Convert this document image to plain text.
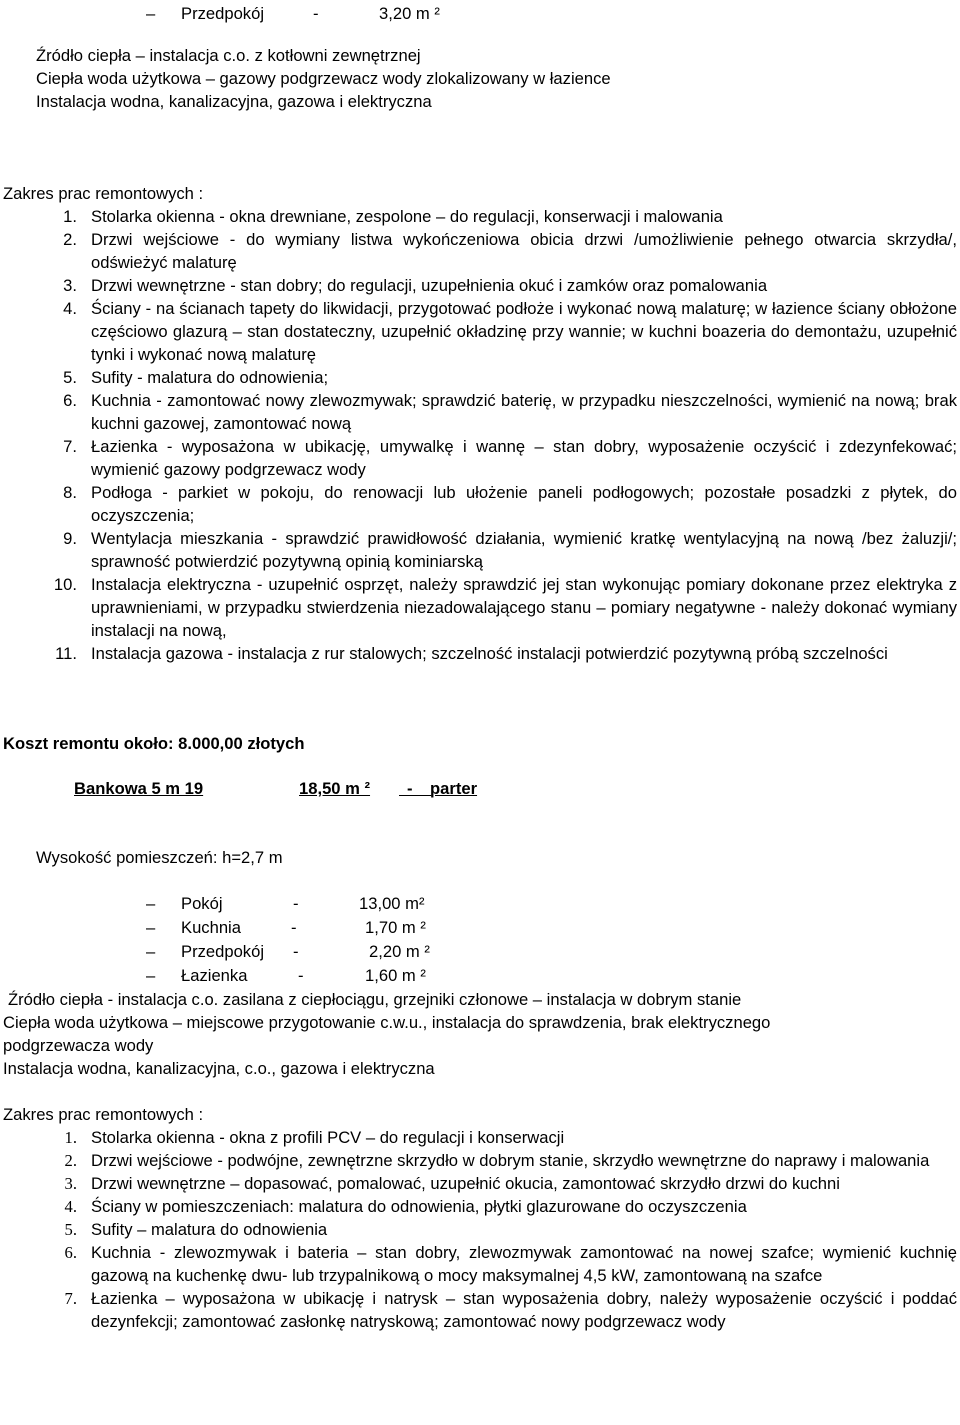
– Przedpokój	-	3,20 m ²
Źródło ciepła – instalacja c.o. z kotłowni zewnętrznej
Ciepła woda użytkowa – gazowy podgrzewacz wody zlokalizowany w łazience
Instalacja wodna, kanalizacyjna, gazowa i elektryczna
Zakres prac remontowych :
1. Stolarka okienna - okna drewniane, zespolone – do regulacji, konserwacji i malowania
2. Drzwi wejściowe - do wymiany listwa wykończeniowa obicia drzwi /umożliwienie pełnego otwarcia skrzydła/, odświeżyć malaturę
3. Drzwi wewnętrzne - stan dobry; do regulacji, uzupełnienia okuć i zamków oraz pomalowania
4. Ściany - na ścianach tapety do likwidacji, przygotować podłoże i wykonać nową malaturę; w łazience ściany obłożone częściowo glazurą – stan dostateczny, uzupełnić okładzinę przy wannie; w kuchni boazeria do demontażu, uzupełnić tynki i wykonać nową malaturę
5. Sufity - malatura do odnowienia;
6. Kuchnia - zamontować nowy zlewozmywak; sprawdzić baterię, w przypadku nieszczelności, wymienić na nową; brak kuchni gazowej, zamontować nową
7. Łazienka - wyposażona w ubikację, umywalkę i wannę – stan dobry, wyposażenie oczyścić i zdezynfekować; wymienić gazowy podgrzewacz wody
8. Podłoga - parkiet w pokoju, do renowacji lub ułożenie paneli podłogowych; pozostałe posadzki z płytek, do oczyszczenia;
9. Wentylacja mieszkania - sprawdzić prawidłowość działania, wymienić kratkę wentylacyjną na nową /bez żaluzji/; sprawność potwierdzić pozytywną opinią kominiarską
10. Instalacja elektryczna - uzupełnić osprzęt, należy sprawdzić jej stan wykonując pomiary dokonane przez elektryka z uprawnieniami, w przypadku stwierdzenia niezadowalającego stanu – pomiary negatywne - należy dokonać wymiany instalacji na nową,
11. Instalacja gazowa - instalacja z rur stalowych; szczelność instalacji potwierdzić pozytywną próbą szczelności
Koszt remontu około: 8.000,00 złotych
Bankowa 5 m 19	18,50 m ²
- parter
Wysokość pomieszczeń: h=2,7 m
– Pokój	-	13,00 m²
– Kuchnia	-	1,70 m ²
– Przedpokój -	2,20 m ²
– Łazienka	-	1,60 m ²
Źródło ciepła - instalacja c.o. zasilana z ciepłociągu, grzejniki członowe – instalacja w dobrym stanie
Ciepła woda użytkowa – miejscowe przygotowanie c.w.u., instalacja do sprawdzenia, brak elektrycznego
podgrzewacza wody
Instalacja wodna, kanalizacyjna, c.o., gazowa i elektryczna
Zakres prac remontowych :
1. Stolarka okienna - okna z profili PCV – do regulacji i konserwacji
2. Drzwi wejściowe - podwójne, zewnętrzne skrzydło w dobrym stanie, skrzydło wewnętrzne do naprawy i malowania
3. Drzwi wewnętrzne – dopasować, pomalować, uzupełnić okucia, zamontować skrzydło drzwi do kuchni
4. Ściany w pomieszczeniach: malatura do odnowienia, płytki glazurowane do oczyszczenia
5. Sufity – malatura do odnowienia
6. Kuchnia - zlewozmywak i bateria – stan dobry, zlewozmywak zamontować na nowej szafce; wymienić kuchnię gazową na kuchenkę dwu- lub trzypalnikową o mocy maksymalnej 4,5 kW, zamontowaną na szafce
7. Łazienka – wyposażona w ubikację i natrysk – stan wyposażenia dobry, należy wyposażenie oczyścić i poddać dezynfekcji; zamontować zasłonkę natryskową; zamontować nowy podgrzewacz wody
